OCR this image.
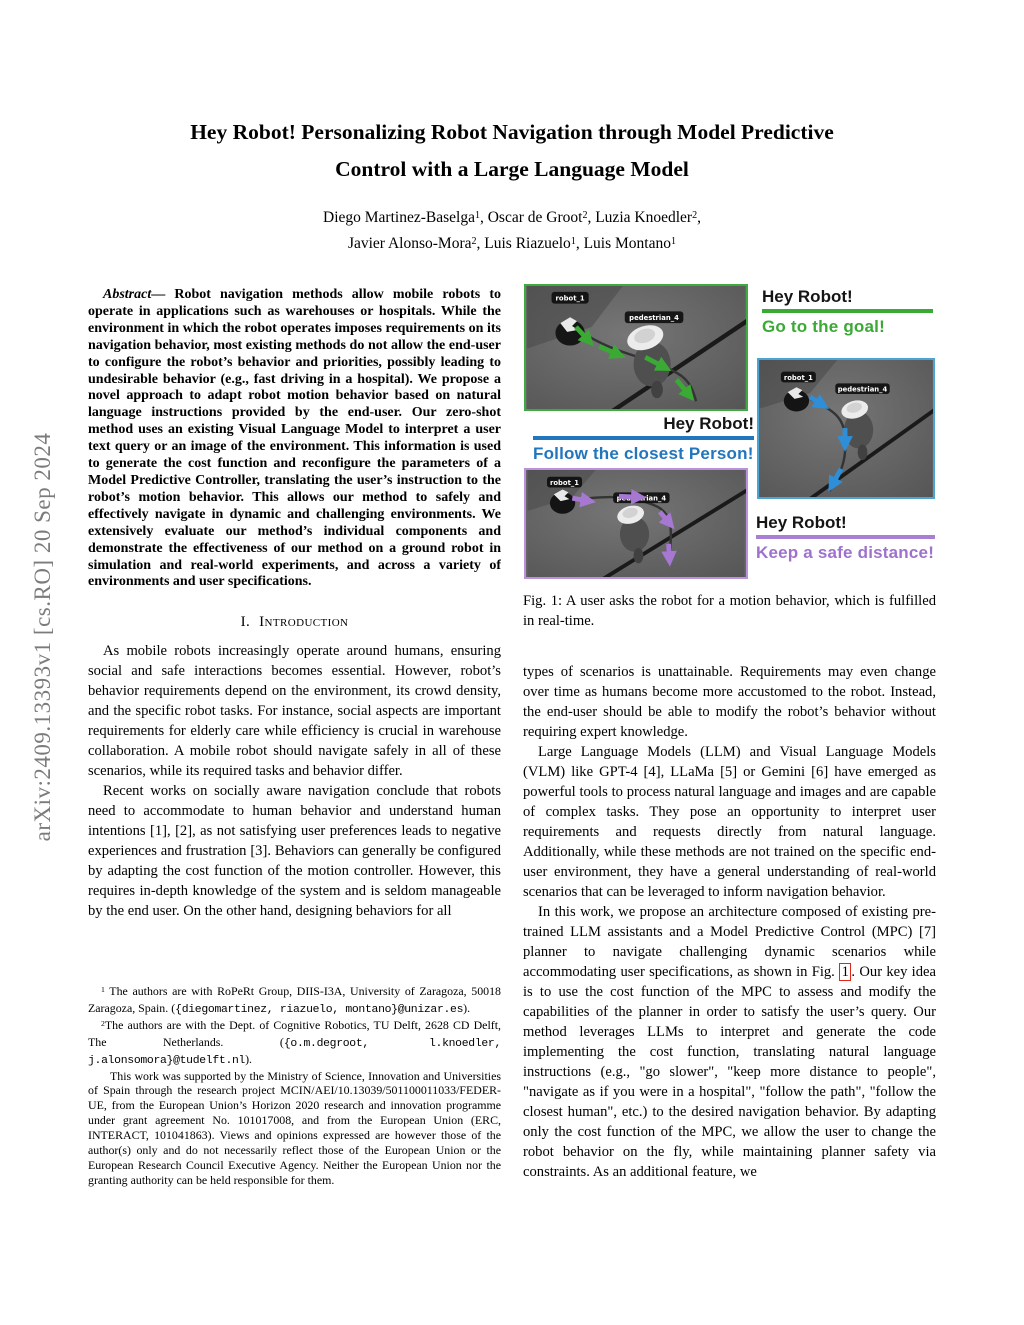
arXiv:2409.13393v1 [cs.RO] 20 Sep 2024
Hey Robot! Personalizing Robot Navigation through Model Predictive
Control with a Large Language Model
Diego Martinez-Baselga$^1$, Oscar de Groot$^2$, Luzia Knoedler$^2$,
Javier Alonso-Mora$^2$, Luis Riazuelo$^1$, Luis Montano$^1$

Abstract— Robot navigation methods allow mobile robots to operate in applications such as warehouses or hospitals. While the environment in which the robot operates imposes requirements on its navigation behavior, most existing methods do not allow the end-user to configure the robot’s behavior and priorities, possibly leading to undesirable behavior (e.g., fast driving in a hospital). We propose a novel approach to adapt robot motion behavior based on natural language instructions provided by the end-user. Our zero-shot method uses an existing Visual Language Model to interpret a user text query or an image of the environment. This information is used to generate the cost function and reconfigure the parameters of a Model Predictive Controller, translating the user’s instruction to the robot’s motion behavior. This allows our method to safely and effectively navigate in dynamic and challenging environments. We extensively evaluate our method’s individual components and demonstrate the effectiveness of our method on a ground robot in simulation and real-world experiments, and across a variety of environments and user specifications.

I. Introduction

As mobile robots increasingly operate around humans, ensuring social and safe interactions becomes essential. However, robot’s behavior requirements depend on the environment, its crowd density, and the specific robot tasks. For instance, social aspects are important requirements for elderly care while efficiency is crucial in warehouse collaboration. A mobile robot should navigate safely in all of these scenarios, while its required tasks and behavior differ.

Recent works on socially aware navigation conclude that robots need to accommodate to human behavior and understand human intentions [1], [2], as not satisfying user preferences leads to negative experiences and frustration [3]. Behaviors can generally be configured by adapting the cost function of the motion controller. However, this requires in-depth knowledge of the system and is seldom manageable by the end user. On the other hand, designing behaviors for all

$^1$ The authors are with RoPeRt Group, DIIS-I3A, University of Zaragoza, 50018 Zaragoza, Spain. ({diegomartinez, riazuelo, montano}@unizar.es).

$^2$The authors are with the Dept. of Cognitive Robotics, TU Delft, 2628 CD Delft, The Netherlands. ({o.m.degroot, l.knoedler, j.alonsomora}@tudelft.nl).

This work was supported by the Ministry of Science, Innovation and Universities of Spain through the research project MCIN/AEI/10.13039/501100011033/FEDER-UE, from the European Union’s Horizon 2020 research and innovation programme under grant agreement No. 101017008, and from the European Union (ERC, INTERACT, 101041863). Views and opinions expressed are however those of the author(s) only and do not necessarily reflect those of the European Union or the European Research Council Executive Agency. Neither the European Union nor the granting authority can be held responsible for them.

robot_1
pedestrian_4
robot_1
pedestrian_4
robot_1
pedestrian_4
Hey Robot!
Go to the goal!
Hey Robot!
Follow the closest Person!
Hey Robot!
Keep a safe distance!

Fig. 1: A user asks the robot for a motion behavior, which is fulfilled in real-time.

types of scenarios is unattainable. Requirements may even change over time as humans become more accustomed to the robot. Instead, the end-user should be able to modify the robot’s behavior without requiring expert knowledge.

Large Language Models (LLM) and Visual Language Models (VLM) like GPT-4 [4], LLaMa [5] or Gemini [6] have emerged as powerful tools to process natural language and images and are capable of complex tasks. They pose an opportunity to interpret user requirements and requests directly from natural language. Additionally, while these methods are not trained on the specific end-user environment, they have a general understanding of real-world scenarios that can be leveraged to inform navigation behavior.

In this work, we propose an architecture composed of existing pre-trained LLM assistants and a Model Predictive Control (MPC) [7] planner to navigate challenging dynamic scenarios while accommodating user specifications, as shown in Fig. 1 . Our key idea is to use the cost function of the MPC to assess and modify the capabilities of the planner in order to satisfy the user’s query. Our method leverages LLMs to interpret and generate the code implementing the cost function, translating natural language instructions (e.g., "go slower", "keep more distance to people", "navigate as if you were in a hospital", "follow the path", "follow the closest human", etc.) to the desired navigation behavior. By adapting only the cost function of the MPC, we allow the user to change the robot behavior on the fly, while maintaining planner safety via constraints. As an additional feature, we
